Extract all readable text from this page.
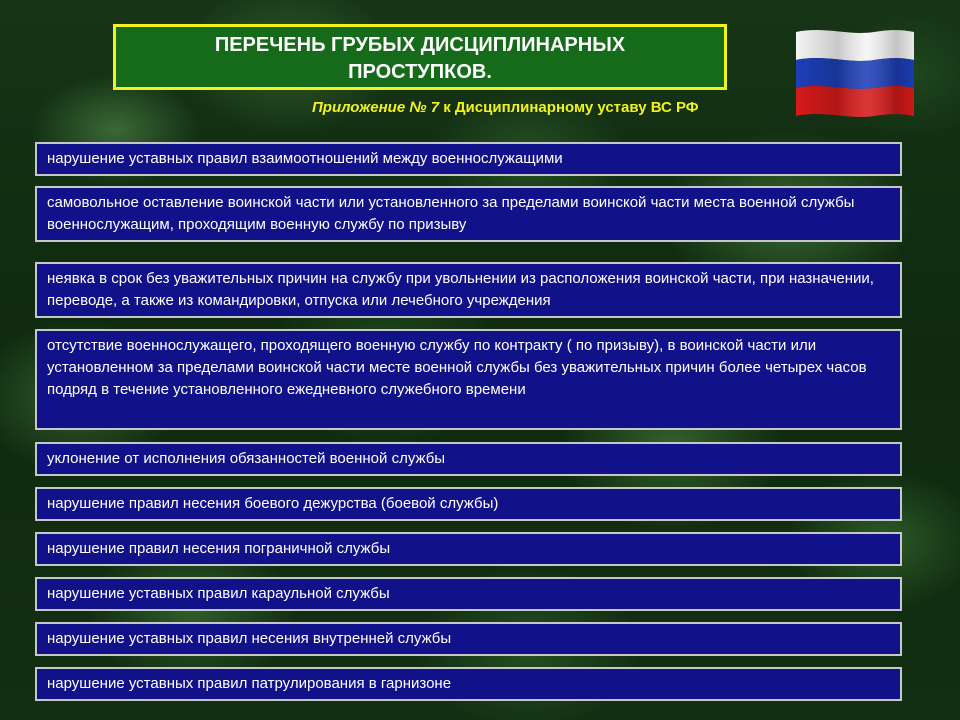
ПЕРЕЧЕНЬ ГРУБЫХ ДИСЦИПЛИНАРНЫХ
ПРОСТУПКОВ.
Приложение № 7 к Дисциплинарному уставу ВС РФ
нарушение уставных правил взаимоотношений между военнослужащими
самовольное оставление воинской части или установленного за пределами воинской части места военной службы военнослужащим, проходящим военную службу по призыву
неявка в срок без уважительных причин на службу при увольнении из расположения воинской части, при назначении, переводе, а также из командировки, отпуска или лечебного учреждения
отсутствие военнослужащего, проходящего военную службу по контракту ( по призыву), в воинской части или установленном за пределами воинской части месте военной службы без уважительных причин более четырех часов подряд в течение установленного ежедневного служебного времени
уклонение от исполнения обязанностей военной службы
нарушение правил несения боевого дежурства (боевой службы)
нарушение правил несения пограничной службы
нарушение уставных правил караульной службы
нарушение уставных правил несения внутренней службы
нарушение уставных правил патрулирования в гарнизоне
